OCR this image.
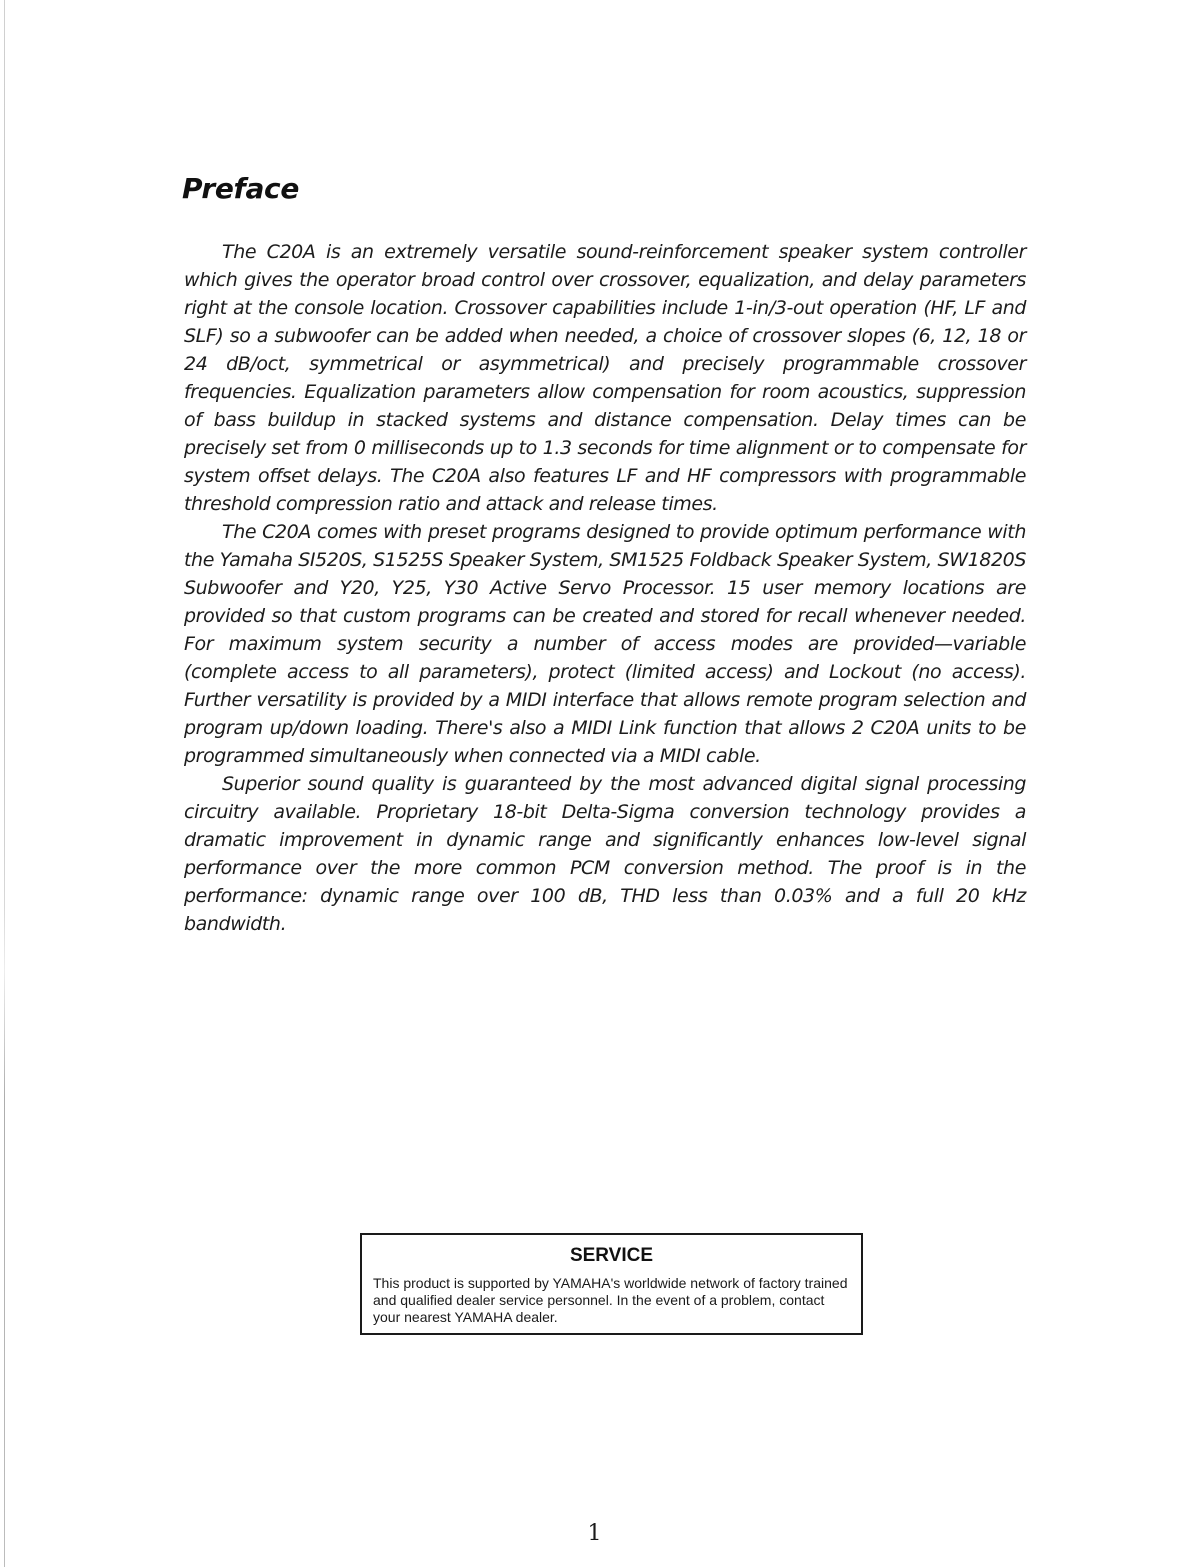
Preface

The C20A is an extremely versatile sound-reinforcement speaker system controller which gives the operator broad control over crossover, equalization, and delay parameters right at the console location. Crossover capabilities include 1-in/3-out operation (HF, LF and SLF) so a subwoofer can be added when needed, a choice of crossover slopes (6, 12, 18 or 24 dB/oct, symmetrical or asymmetrical) and precisely programmable crossover frequencies. Equalization parameters allow compensation for room acoustics, suppression of bass buildup in stacked systems and distance compensation. Delay times can be precisely set from 0 milliseconds up to 1.3 seconds for time alignment or to compensate for system offset delays. The C20A also features LF and HF compressors with programmable threshold compression ratio and attack and release times.

The C20A comes with preset programs designed to provide optimum performance with the Yamaha SI520S, S1525S Speaker System, SM1525 Foldback Speaker System, SW1820S Subwoofer and Y20, Y25, Y30 Active Servo Processor. 15 user memory locations are provided so that custom programs can be created and stored for recall whenever needed. For maximum system security a number of access modes are provided—variable (complete access to all parameters), protect (limited access) and Lockout (no access). Further versatility is provided by a MIDI interface that allows remote program selection and program up/down loading. There's also a MIDI Link function that allows 2 C20A units to be programmed simultaneously when connected via a MIDI cable.

Superior sound quality is guaranteed by the most advanced digital signal processing circuitry available. Proprietary 18-bit Delta-Sigma conversion technology provides a dramatic improvement in dynamic range and significantly enhances low-level signal performance over the more common PCM conversion method. The proof is in the performance: dynamic range over 100 dB, THD less than 0.03% and a full 20 kHz bandwidth.

SERVICE

This product is supported by YAMAHA's worldwide network of factory trained and qualified dealer service personnel. In the event of a problem, contact your nearest YAMAHA dealer.

1
